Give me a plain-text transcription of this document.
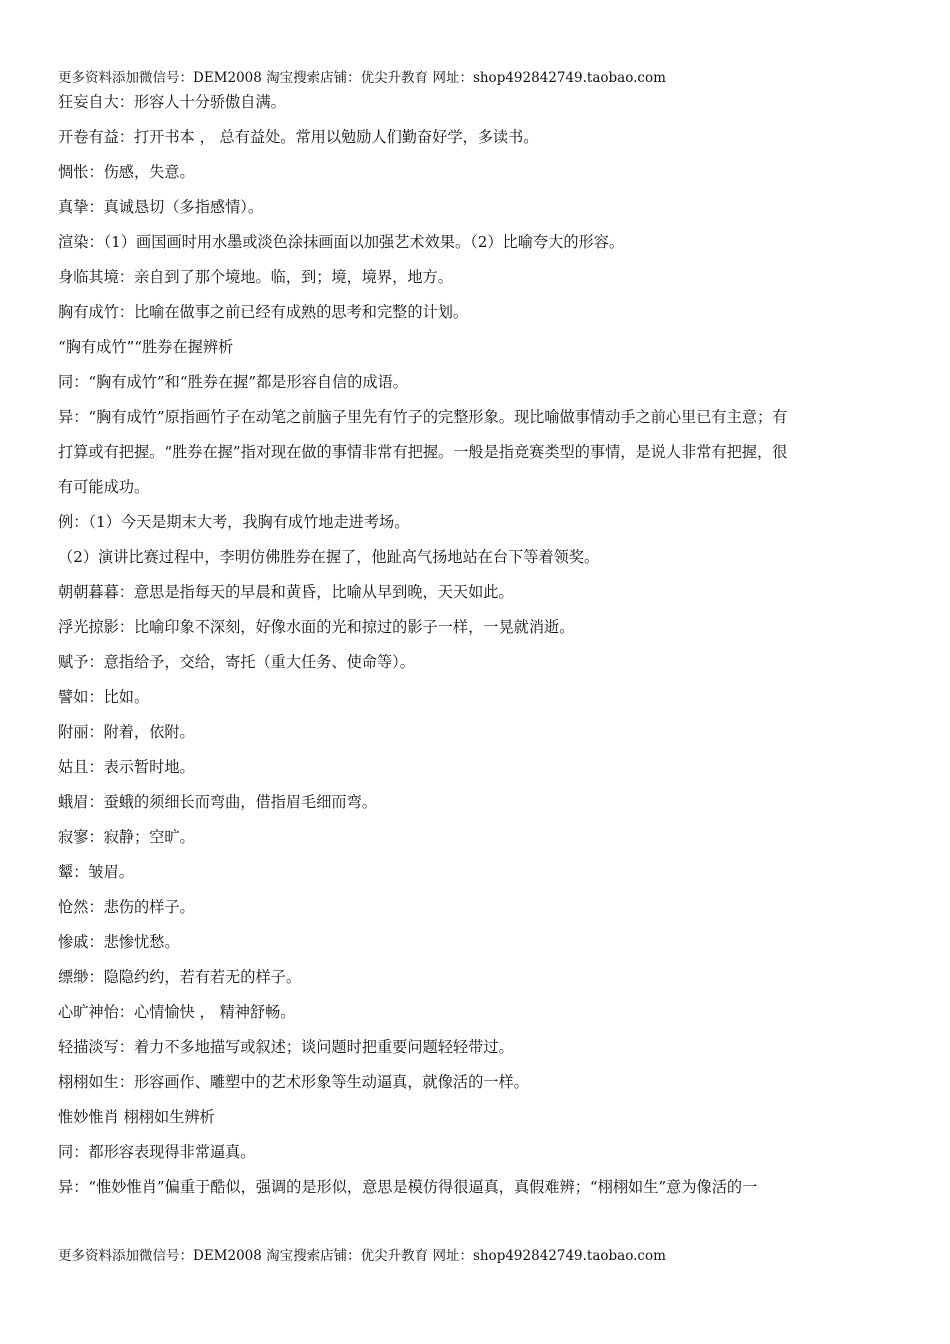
更多资料添加微信号：DEM2008 淘宝搜索店铺：优尖升教育 网址：shop492842749.taobao.com

狂妄自大：形容人十分骄傲自满。

开卷有益：打开书本 ， 总有益处。常用以勉励人们勤奋好学，多读书。

惆怅：伤感，失意。

真挚：真诚恳切（多指感情）。

渲染：（1）画国画时用水墨或淡色涂抹画面以加强艺术效果。（2）比喻夸大的形容。

身临其境：亲自到了那个境地。临，到；境，境界，地方。

胸有成竹：比喻在做事之前已经有成熟的思考和完整的计划。

“胸有成竹”“胜券在握辨析

同：“胸有成竹”和“胜券在握”都是形容自信的成语。

异：“胸有成竹”原指画竹子在动笔之前脑子里先有竹子的完整形象。现比喻做事情动手之前心里已有主意；有

打算或有把握。“胜券在握”指对现在做的事情非常有把握。一般是指竞赛类型的事情，是说人非常有把握，很

有可能成功。

例：（1）今天是期末大考，我胸有成竹地走进考场。

（2）演讲比赛过程中，李明仿佛胜券在握了，他趾高气扬地站在台下等着领奖。

朝朝暮暮：意思是指每天的早晨和黄昏，比喻从早到晚，天天如此。

浮光掠影：比喻印象不深刻，好像水面的光和掠过的影子一样，一晃就消逝。

赋予：意指给予，交给，寄托（重大任务、使命等）。

譬如：比如。

附丽：附着，依附。

姑且：表示暂时地。

蛾眉：蚕蛾的须细长而弯曲，借指眉毛细而弯。

寂寥：寂静；空旷。

颦：皱眉。

怆然：悲伤的样子。

惨戚：悲惨忧愁。

缥缈：隐隐约约，若有若无的样子。

心旷神怡：心情愉快 ， 精神舒畅。

轻描淡写：着力不多地描写或叙述；谈问题时把重要问题轻轻带过。

栩栩如生：形容画作、雕塑中的艺术形象等生动逼真，就像活的一样。

惟妙惟肖 栩栩如生辨析

同：都形容表现得非常逼真。

异：“惟妙惟肖”偏重于酷似，强调的是形似，意思是模仿得很逼真，真假难辨；“栩栩如生”意为像活的一

更多资料添加微信号：DEM2008 淘宝搜索店铺：优尖升教育 网址：shop492842749.taobao.com
